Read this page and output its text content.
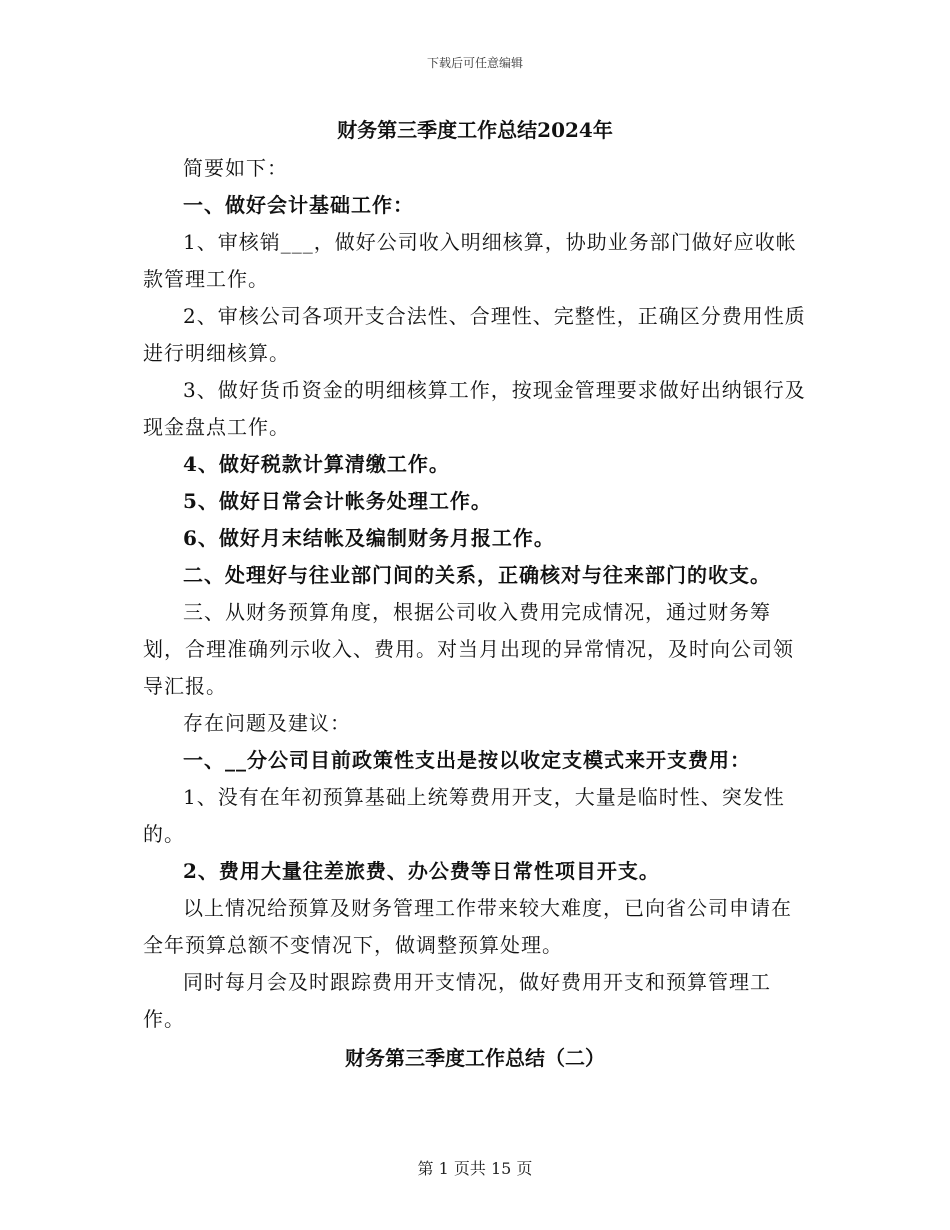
下载后可任意编辑
财务第三季度工作总结2024年

简要如下：

一、做好会计基础工作：

1、审核销___，做好公司收入明细核算，协助业务部门做好应收帐款管理工作。

2、审核公司各项开支合法性、合理性、完整性，正确区分费用性质进行明细核算。

3、做好货币资金的明细核算工作，按现金管理要求做好出纳银行及现金盘点工作。

4、做好税款计算清缴工作。

5、做好日常会计帐务处理工作。

6、做好月末结帐及编制财务月报工作。

二、处理好与往业部门间的关系，正确核对与往来部门的收支。

三、从财务预算角度，根据公司收入费用完成情况，通过财务筹划，合理准确列示收入、费用。对当月出现的异常情况，及时向公司领导汇报。

存在问题及建议：

一、__分公司目前政策性支出是按以收定支模式来开支费用：

1、没有在年初预算基础上统筹费用开支，大量是临时性、突发性的。

2、费用大量往差旅费、办公费等日常性项目开支。

以上情况给预算及财务管理工作带来较大难度，已向省公司申请在全年预算总额不变情况下，做调整预算处理。

同时每月会及时跟踪费用开支情况，做好费用开支和预算管理工作。

财务第三季度工作总结（二）
第 1 页共 15 页
